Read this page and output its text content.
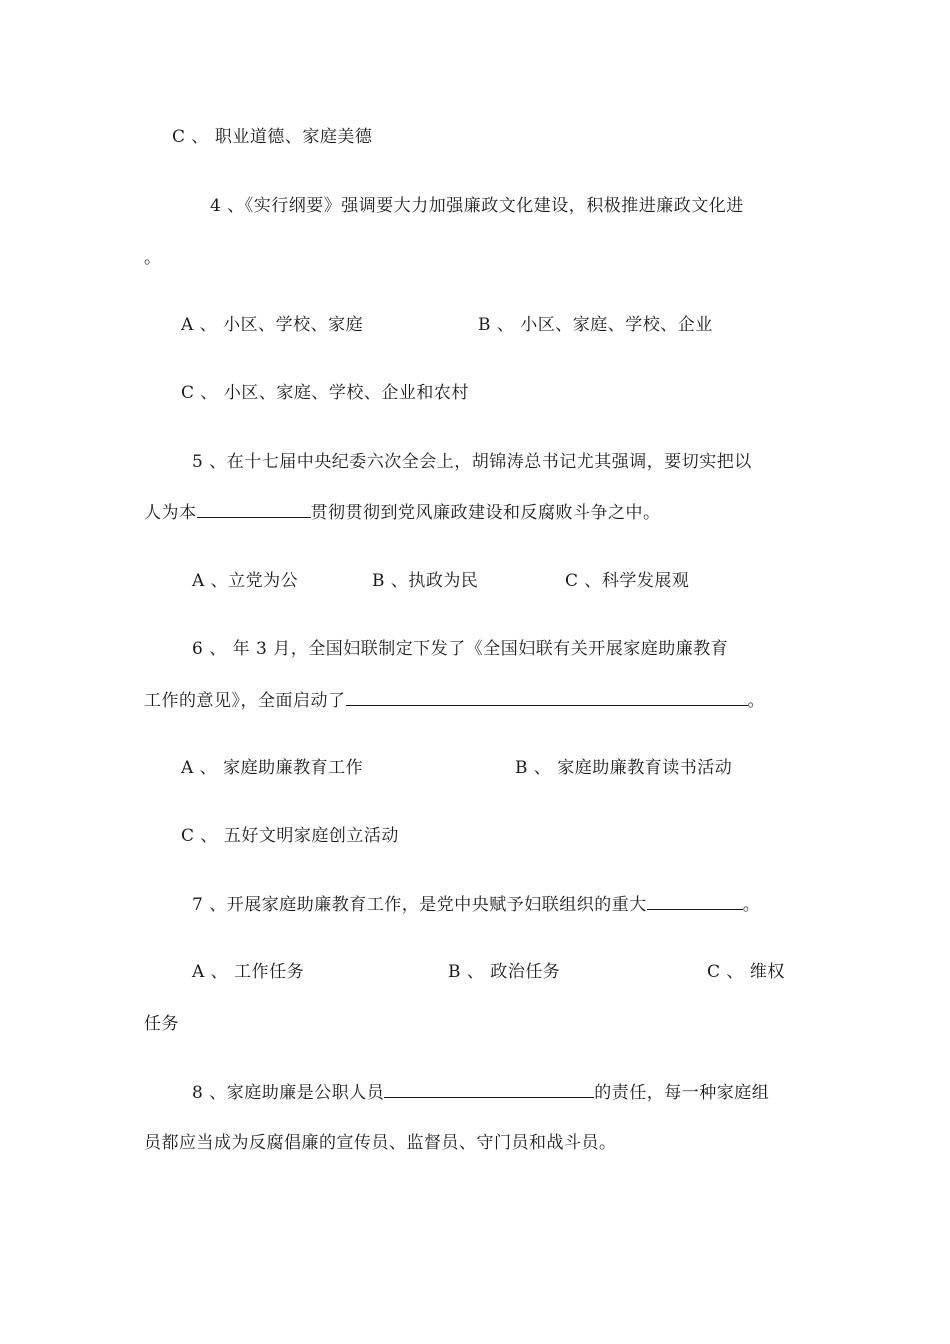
C 、 职业道德、家庭美德
4 、《实行纲要》强调要大力加强廉政文化建设，积极推进廉政文化进
。
A 、 小区、学校、家庭	B 、 小区、家庭、学校、企业
C 、 小区、家庭、学校、企业和农村
5 、在十七届中央纪委六次全会上，胡锦涛总书记尤其强调，要切实把以
人为本	贯彻贯彻到党风廉政建设和反腐败斗争之中。
A 、立党为公	B 、执政为民	C 、科学发展观
6 、 年 3 月，全国妇联制定下发了《全国妇联有关开展家庭助廉教育
工作的意见》，全面启动了	。
A 、 家庭助廉教育工作	B 、 家庭助廉教育读书活动
C 、 五好文明家庭创立活动
7 、开展家庭助廉教育工作，是党中央赋予妇联组织的重大	。
A 、 工作任务	B 、 政治任务	C 、 维权
任务
8 、家庭助廉是公职人员	的责任，每一种家庭组
员都应当成为反腐倡廉的宣传员、监督员、守门员和战斗员。
